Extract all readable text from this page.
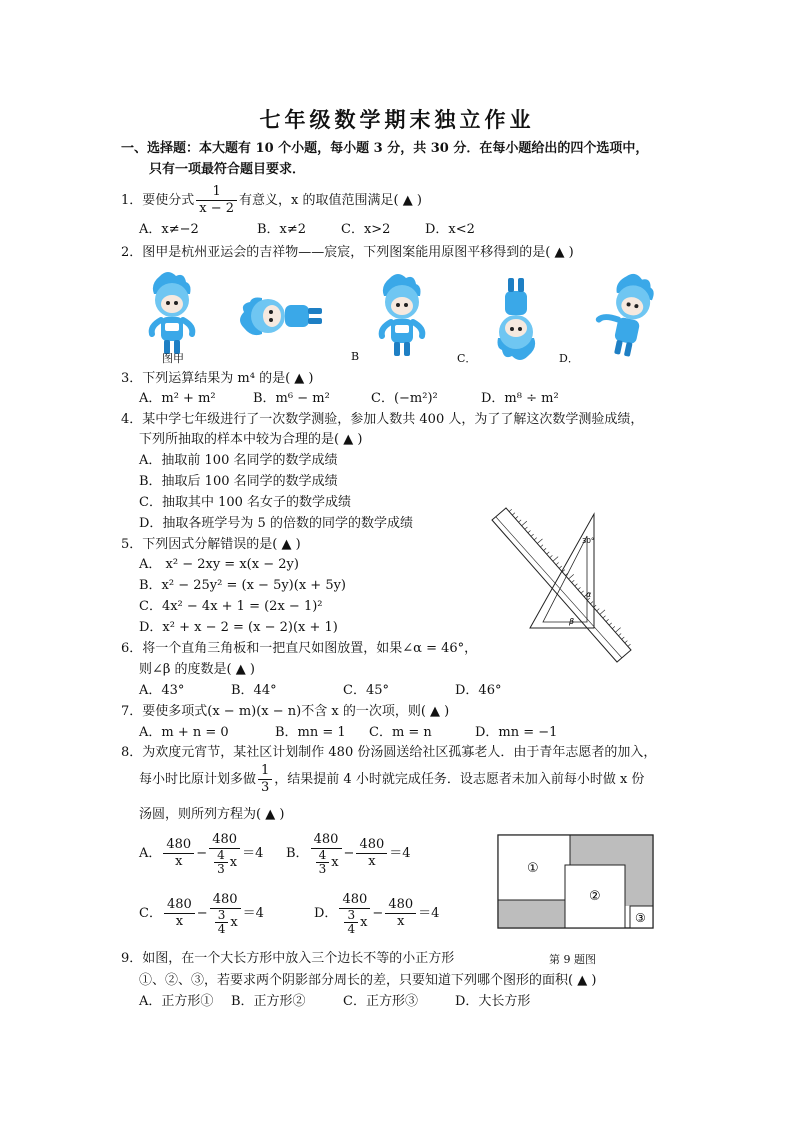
七年级数学期末独立作业
一、选择题：本大题有 10 个小题，每小题 3 分，共 30 分．在每小题给出的四个选项中，
只有一项最符合题目要求．
1．要使分式 $\frac{1}{x - 2}$ 有意义，x 的取值范围满足( ▲ )
A．x≠−2	B．x≠2	C．x>2	D．x<2
2．图甲是杭州亚运会的吉祥物——宸宸，下列图案能用原图平移得到的是( ▲ )
图甲	B	C．	D．
3．下列运算结果为 m⁴ 的是( ▲ )
A．m² + m²	B．m⁶ − m²	C．(−m²)²	D．m⁸ ÷ m²
4．某中学七年级进行了一次数学测验，参加人数共 400 人，为了了解这次数学测验成绩，
下列所抽取的样本中较为合理的是( ▲ )
A．抽取前 100 名同学的数学成绩
B．抽取后 100 名同学的数学成绩
C．抽取其中 100 名女子的数学成绩
D．抽取各班学号为 5 的倍数的同学的数学成绩
30°
α
β
5．下列因式分解错误的是( ▲ )
A． x² − 2xy = x(x − 2y)
B．x² − 25y² = (x − 5y)(x + 5y)
C．4x² − 4x + 1 = (2x − 1)²
D．x² + x − 2 = (x − 2)(x + 1)
6．将一个直角三角板和一把直尺如图放置，如果∠α = 46°，
则∠β 的度数是( ▲ )
A．43°	B．44°	C．45°	D．46°
7．要使多项式(x − m)(x − n)不含 x 的一次项，则( ▲ )
A．m + n = 0	B．mn = 1 C．m = n	D．mn = −1
8．为欢度元宵节，某社区计划制作 480 份汤圆送给社区孤寡老人．由于青年志愿者的加入，
每小时比原计划多做 $\frac{1}{3}$ ，结果提前 4 小时就完成任务．设志愿者未加入前每小时做 x 份
汤圆，则所列方程为( ▲ )
A． $\frac{480}{x} - \frac{480}{\frac{4}{3} x} =4$ B． $\frac{480}{\frac{4}{3} x} - \frac{480}{x} =4$
C． $\frac{480}{x} - \frac{480}{\frac{3}{4} x} =4$	D． $\frac{480}{\frac{3}{4} x} - \frac{480}{x} =4$
①
②
③
9．如图，在一个大长方形中放入三个边长不等的小正方形	第 9 题图
①、②、③，若要求两个阴影部分周长的差，只要知道下列哪个图形的面积( ▲ )
A．正方形① B．正方形②	C．正方形③	D．大长方形
